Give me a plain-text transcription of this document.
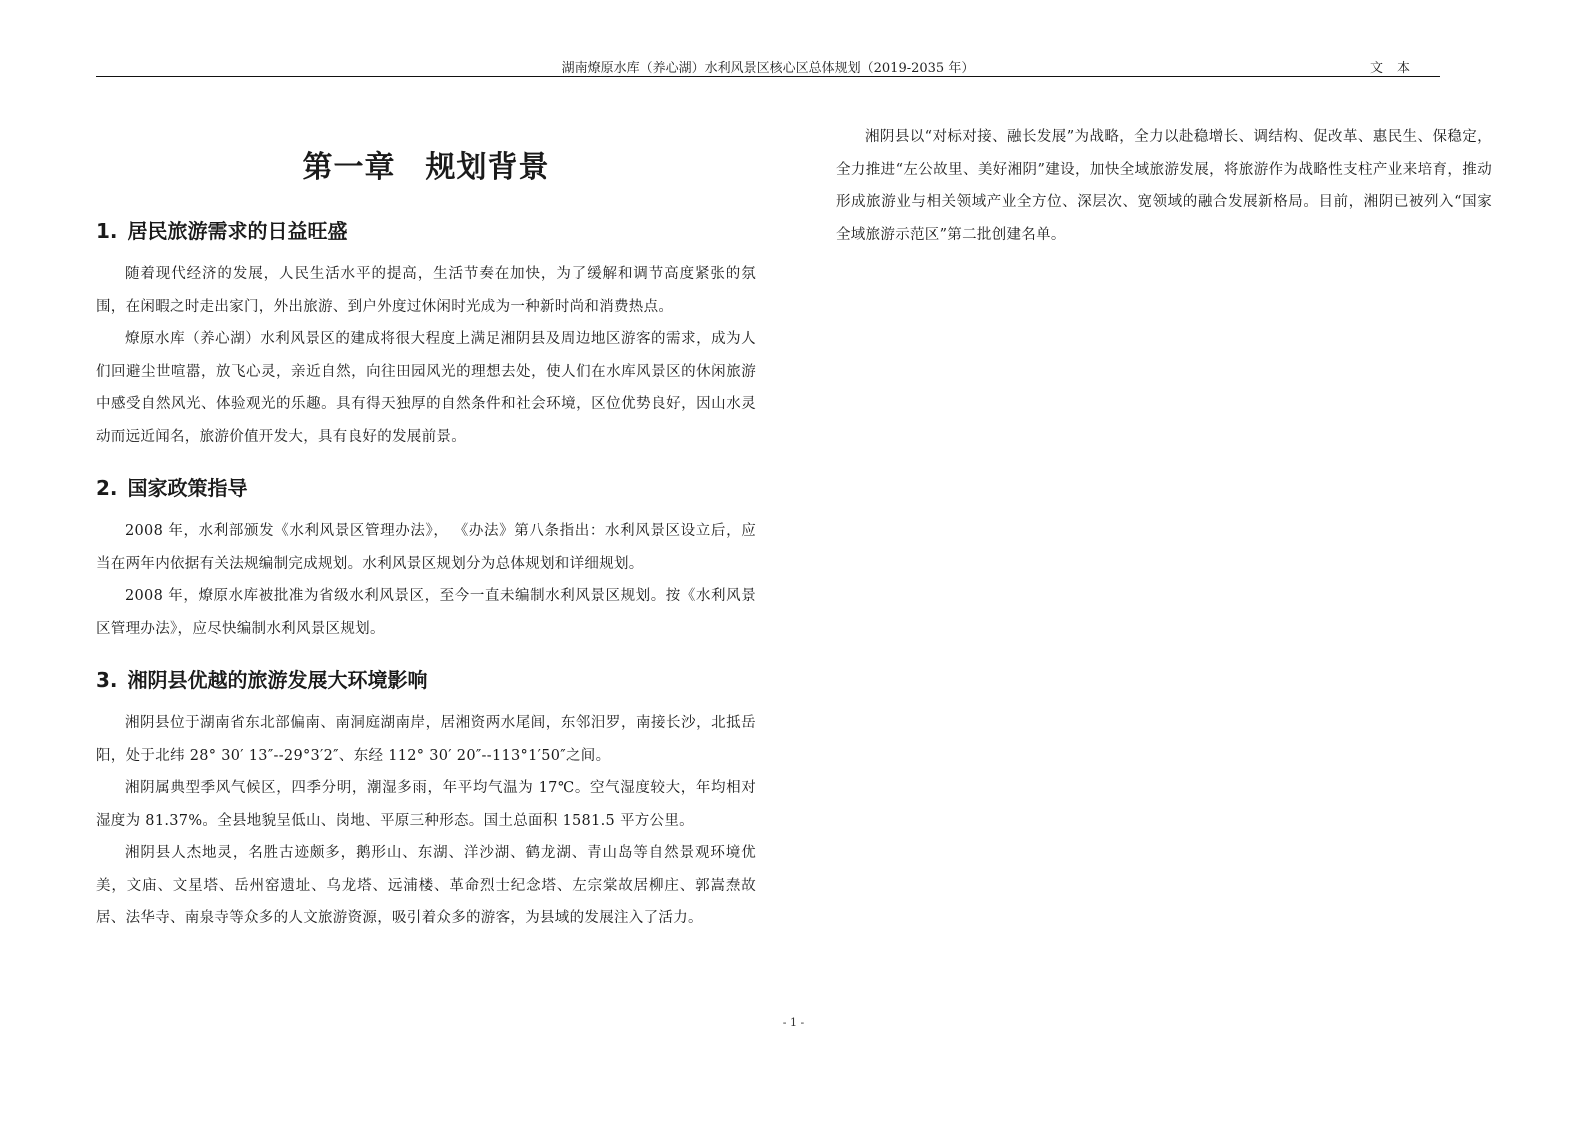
湖南燎原水库（养心湖）水利风景区核心区总体规划（2019-2035 年）	文本
第一章 规划背景
1. 居民旅游需求的日益旺盛

随着现代经济的发展，人民生活水平的提高，生活节奏在加快，为了缓解和调节高度紧张的氛围，在闲暇之时走出家门，外出旅游、到户外度过休闲时光成为一种新时尚和消费热点。

燎原水库（养心湖）水利风景区的建成将很大程度上满足湘阴县及周边地区游客的需求，成为人们回避尘世喧嚣，放飞心灵，亲近自然，向往田园风光的理想去处，使人们在水库风景区的休闲旅游中感受自然风光、体验观光的乐趣。具有得天独厚的自然条件和社会环境，区位优势良好，因山水灵动而远近闻名，旅游价值开发大，具有良好的发展前景。

2. 国家政策指导

2008 年，水利部颁发《水利风景区管理办法》， 《办法》第八条指出：水利风景区设立后，应当在两年内依据有关法规编制完成规划。水利风景区规划分为总体规划和详细规划。

2008 年，燎原水库被批准为省级水利风景区，至今一直未编制水利风景区规划。按《水利风景区管理办法》，应尽快编制水利风景区规划。

3. 湘阴县优越的旅游发展大环境影响

湘阴县位于湖南省东北部偏南、南洞庭湖南岸，居湘资两水尾闾，东邻汨罗，南接长沙，北抵岳阳，处于北纬 28° 30′ 13″--29°3′2″、东经 112° 30′ 20″--113°1′50″之间。

湘阴属典型季风气候区，四季分明，潮湿多雨，年平均气温为 17℃。空气湿度较大，年均相对湿度为 81.37%。全县地貌呈低山、岗地、平原三种形态。国土总面积 1581.5 平方公里。

湘阴县人杰地灵，名胜古迹颇多，鹅形山、东湖、洋沙湖、鹤龙湖、青山岛等自然景观环境优美，文庙、文星塔、岳州窑遗址、乌龙塔、远浦楼、革命烈士纪念塔、左宗棠故居柳庄、郭嵩焘故居、法华寺、南泉寺等众多的人文旅游资源，吸引着众多的游客，为县域的发展注入了活力。

湘阴县以“对标对接、融长发展”为战略，全力以赴稳增长、调结构、促改革、惠民生、保稳定，全力推进“左公故里、美好湘阴”建设，加快全域旅游发展，将旅游作为战略性支柱产业来培育，推动形成旅游业与相关领域产业全方位、深层次、宽领域的融合发展新格局。目前，湘阴已被列入“国家全域旅游示范区”第二批创建名单。

- 1 -
